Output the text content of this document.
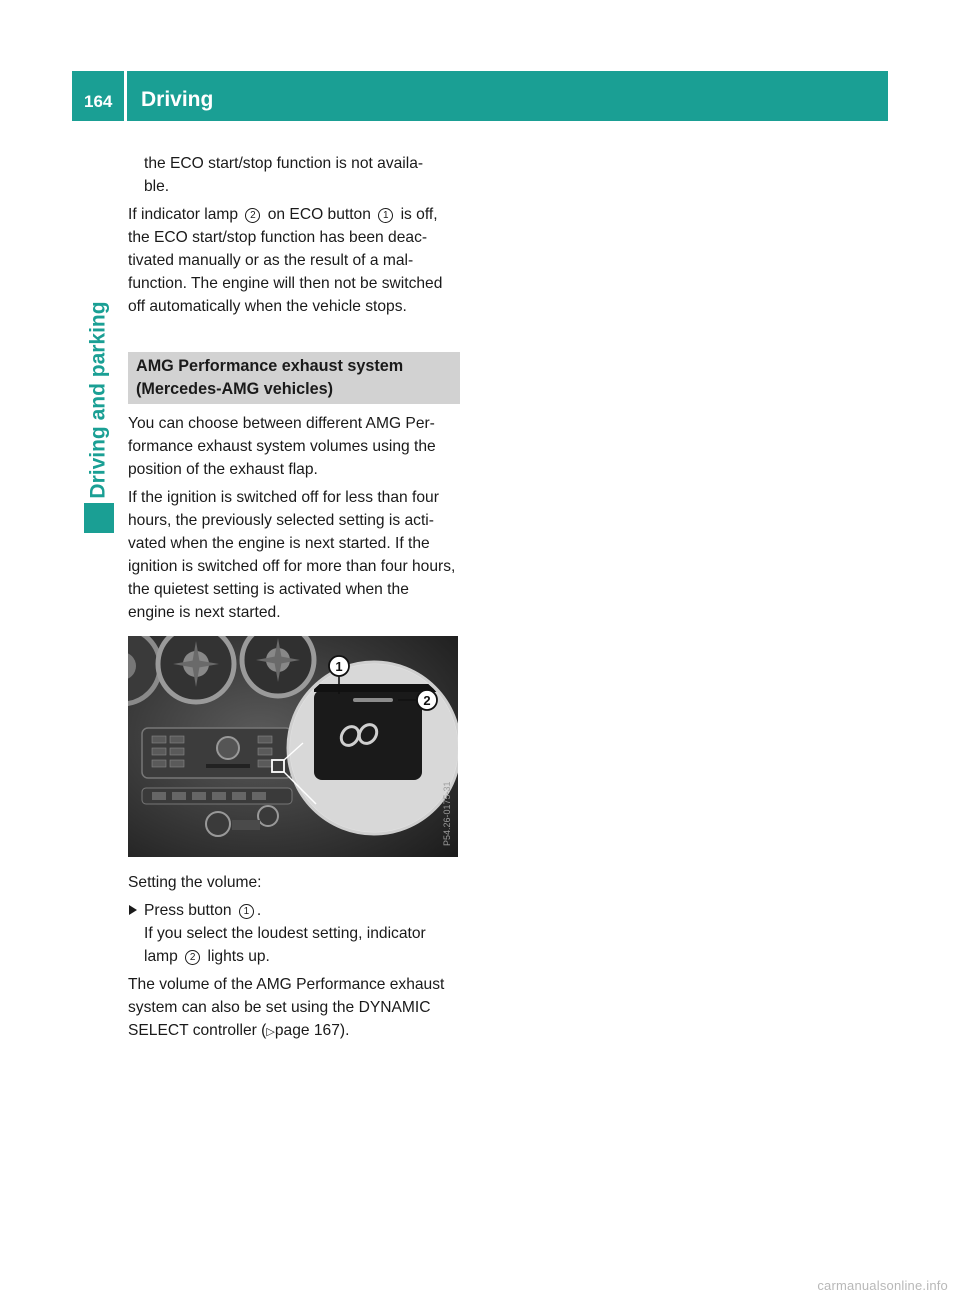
164 Driving
Driving and parking

the ECO start/stop function is not availa-
ble.

If indicator lamp 2 on ECO button 1 is off, the ECO start/stop function has been deac-tivated manually or as the result of a mal-function. The engine will then not be switched off automatically when the vehicle stops.

AMG Performance exhaust system
(Mercedes-AMG vehicles)

You can choose between different AMG Per-formance exhaust system volumes using the position of the exhaust flap.

If the ignition is switched off for less than four hours, the previously selected setting is acti-vated when the engine is next started. If the ignition is switched off for more than four hours, the quietest setting is activated when the engine is next started.

1
2
P54.26-0175-31

Setting the volume:

Press button 1 .
If you select the loudest setting, indicator lamp 2 lights up.

The volume of the AMG Performance exhaust system can also be set using the DYNAMIC SELECT controller (▷page 167).

carmanualsonline.info
